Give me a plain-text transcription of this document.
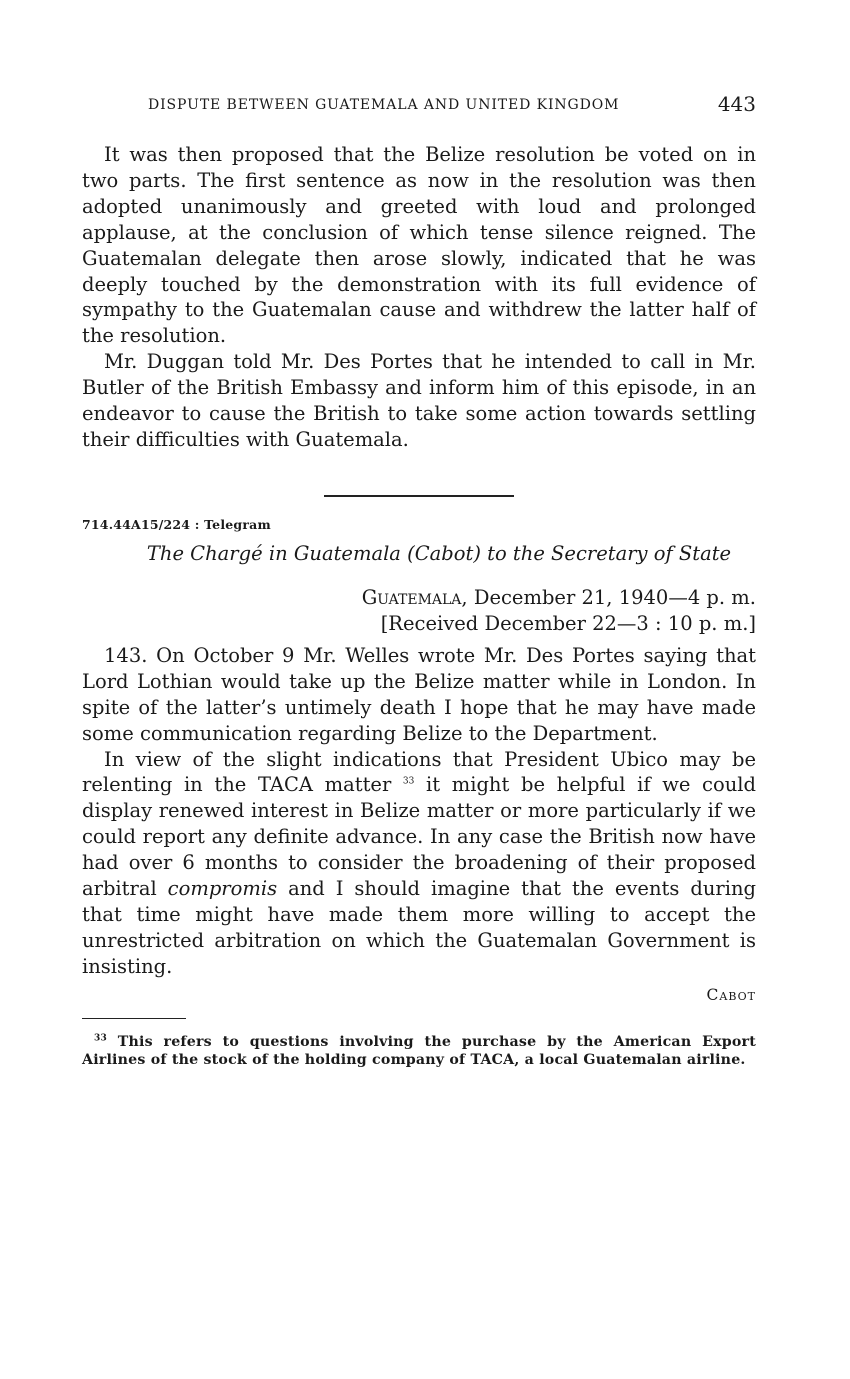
DISPUTE BETWEEN GUATEMALA AND UNITED KINGDOM	443

It was then proposed that the Belize resolution be voted on in two parts. The first sentence as now in the resolution was then adopted unanimously and greeted with loud and prolonged applause, at the conclusion of which tense silence reigned. The Guatemalan delegate then arose slowly, indicated that he was deeply touched by the demonstration with its full evidence of sympathy to the Guatemalan cause and withdrew the latter half of the resolution.

Mr. Duggan told Mr. Des Portes that he intended to call in Mr. Butler of the British Embassy and inform him of this episode, in an endeavor to cause the British to take some action towards settling their difficulties with Guatemala.

714.44A15/224 : Telegram
The Chargé in Guatemala (Cabot) to the Secretary of State
Guatemala, December 21, 1940—4 p. m.
[Received December 22—3 : 10 p. m.]

143. On October 9 Mr. Welles wrote Mr. Des Portes saying that Lord Lothian would take up the Belize matter while in London. In spite of the latter’s untimely death I hope that he may have made some communication regarding Belize to the Department.

In view of the slight indications that President Ubico may be relenting in the TACA matter $^{33}$ it might be helpful if we could display renewed interest in Belize matter or more particularly if we could report any definite advance. In any case the British now have had over 6 months to consider the broadening of their proposed arbitral compromis and I should imagine that the events during that time might have made them more willing to accept the unrestricted arbitration on which the Guatemalan Government is insisting.

Cabot
$^{33}$ This refers to questions involving the purchase by the American Export Airlines of the stock of the holding company of TACA, a local Guatemalan airline.
